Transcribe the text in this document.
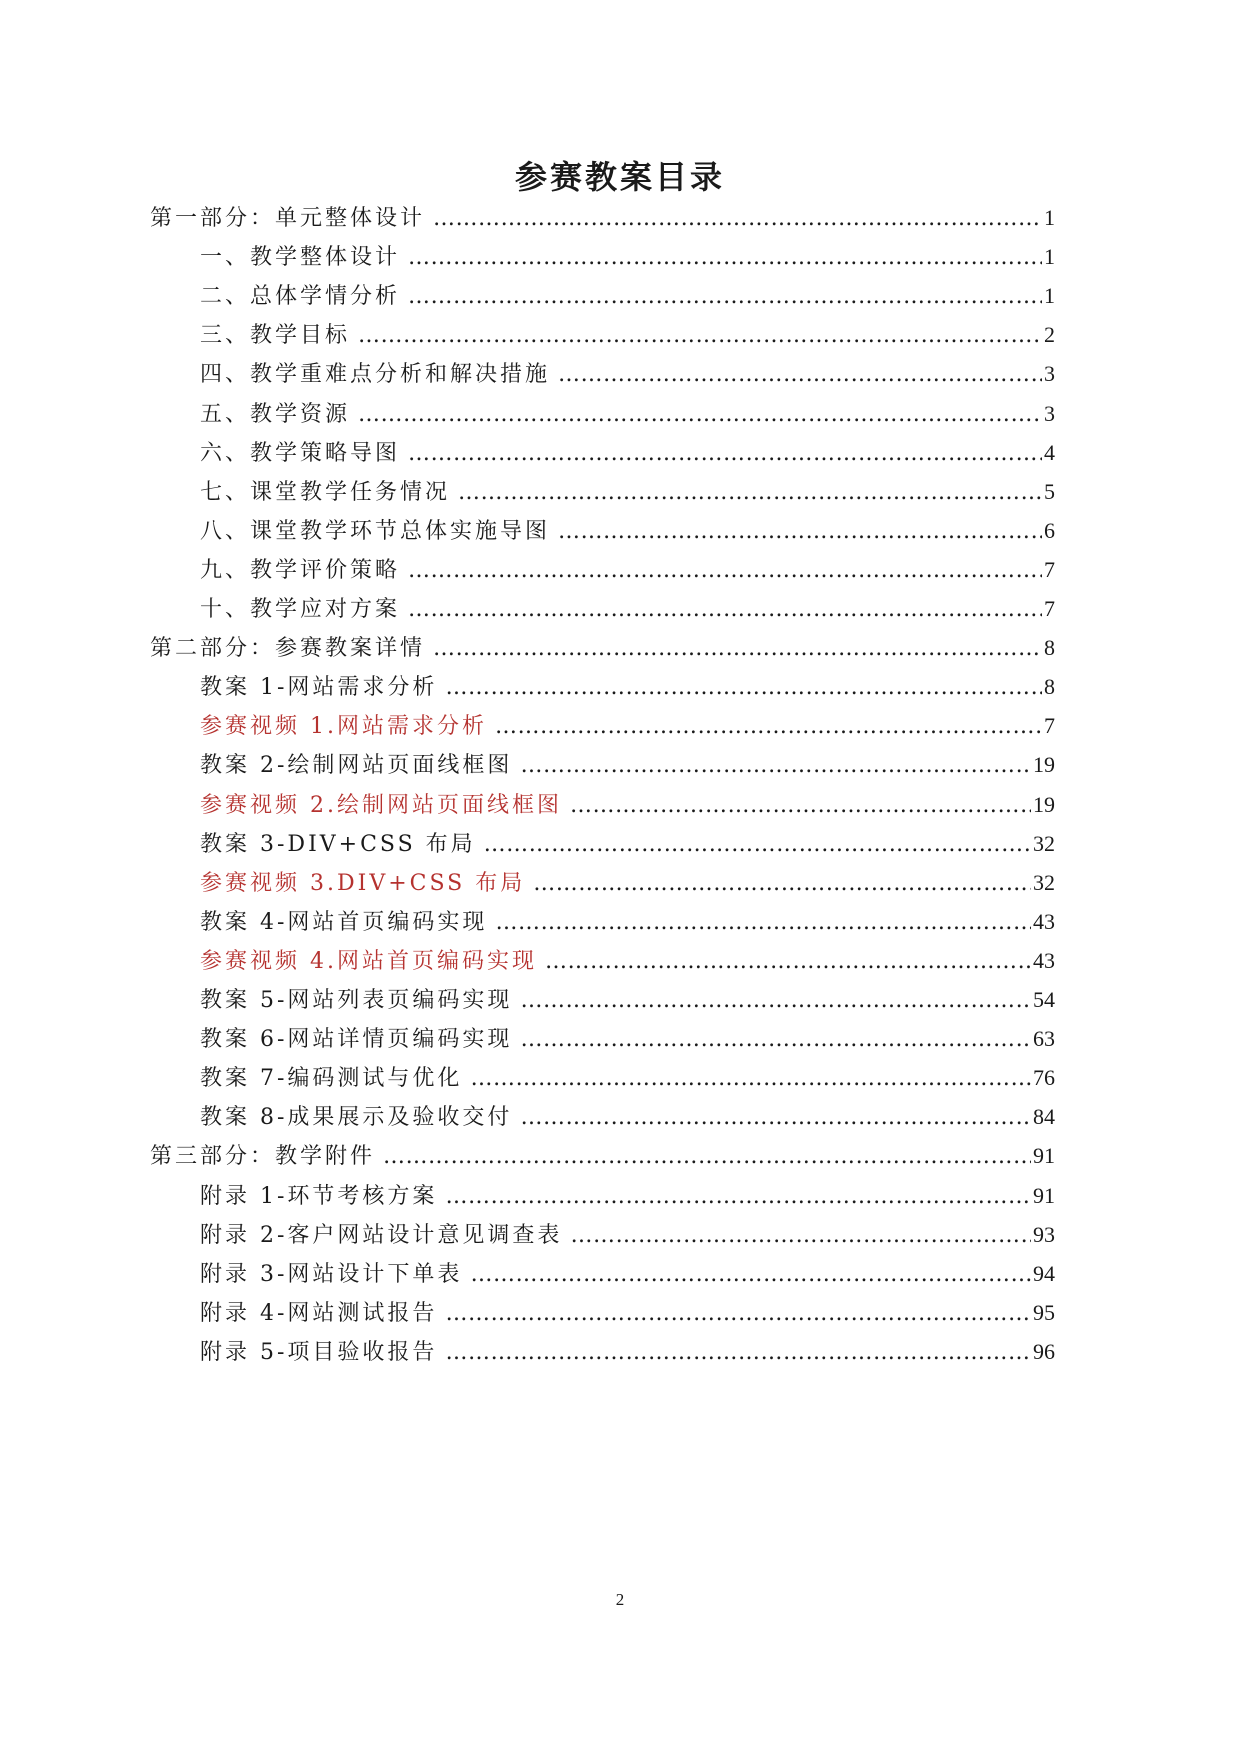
参赛教案目录
第一部分：单元整体设计 ……………………………………………………………………………………………………………………………………………………………………………………………………………	1
一、教学整体设计 ……………………………………………………………………………………………………………………………………………………………………………………………………………	1
二、总体学情分析 ……………………………………………………………………………………………………………………………………………………………………………………………………………	1
三、教学目标 ……………………………………………………………………………………………………………………………………………………………………………………………………………	2
四、教学重难点分析和解决措施 ……………………………………………………………………………………………………………………………………………………………………………………………………………	3
五、教学资源 ……………………………………………………………………………………………………………………………………………………………………………………………………………	3
六、教学策略导图 ……………………………………………………………………………………………………………………………………………………………………………………………………………	4
七、课堂教学任务情况 ……………………………………………………………………………………………………………………………………………………………………………………………………………	5
八、课堂教学环节总体实施导图 ……………………………………………………………………………………………………………………………………………………………………………………………………………	6
九、教学评价策略 ……………………………………………………………………………………………………………………………………………………………………………………………………………	7
十、教学应对方案 ……………………………………………………………………………………………………………………………………………………………………………………………………………	7
第二部分：参赛教案详情 ……………………………………………………………………………………………………………………………………………………………………………………………………………	8
教案 1-网站需求分析 ……………………………………………………………………………………………………………………………………………………………………………………………………………	8
参赛视频 1.网站需求分析 ……………………………………………………………………………………………………………………………………………………………………………………………………………	7
教案 2-绘制网站页面线框图 ……………………………………………………………………………………………………………………………………………………………………………………………………………	19
参赛视频 2.绘制网站页面线框图 ……………………………………………………………………………………………………………………………………………………………………………………………………………	19
教案 3-DIV+CSS 布局 ……………………………………………………………………………………………………………………………………………………………………………………………………………	32
参赛视频 3.DIV+CSS 布局 ……………………………………………………………………………………………………………………………………………………………………………………………………………	32
教案 4-网站首页编码实现 ……………………………………………………………………………………………………………………………………………………………………………………………………………	43
参赛视频 4.网站首页编码实现 ……………………………………………………………………………………………………………………………………………………………………………………………………………	43
教案 5-网站列表页编码实现 ……………………………………………………………………………………………………………………………………………………………………………………………………………	54
教案 6-网站详情页编码实现 ……………………………………………………………………………………………………………………………………………………………………………………………………………	63
教案 7-编码测试与优化 ……………………………………………………………………………………………………………………………………………………………………………………………………………	76
教案 8-成果展示及验收交付 ……………………………………………………………………………………………………………………………………………………………………………………………………………	84
第三部分：教学附件 ……………………………………………………………………………………………………………………………………………………………………………………………………………	91
附录 1-环节考核方案 ……………………………………………………………………………………………………………………………………………………………………………………………………………	91
附录 2-客户网站设计意见调查表 ……………………………………………………………………………………………………………………………………………………………………………………………………………	93
附录 3-网站设计下单表 ……………………………………………………………………………………………………………………………………………………………………………………………………………	94
附录 4-网站测试报告 ……………………………………………………………………………………………………………………………………………………………………………………………………………	95
附录 5-项目验收报告 ……………………………………………………………………………………………………………………………………………………………………………………………………………	96
2
